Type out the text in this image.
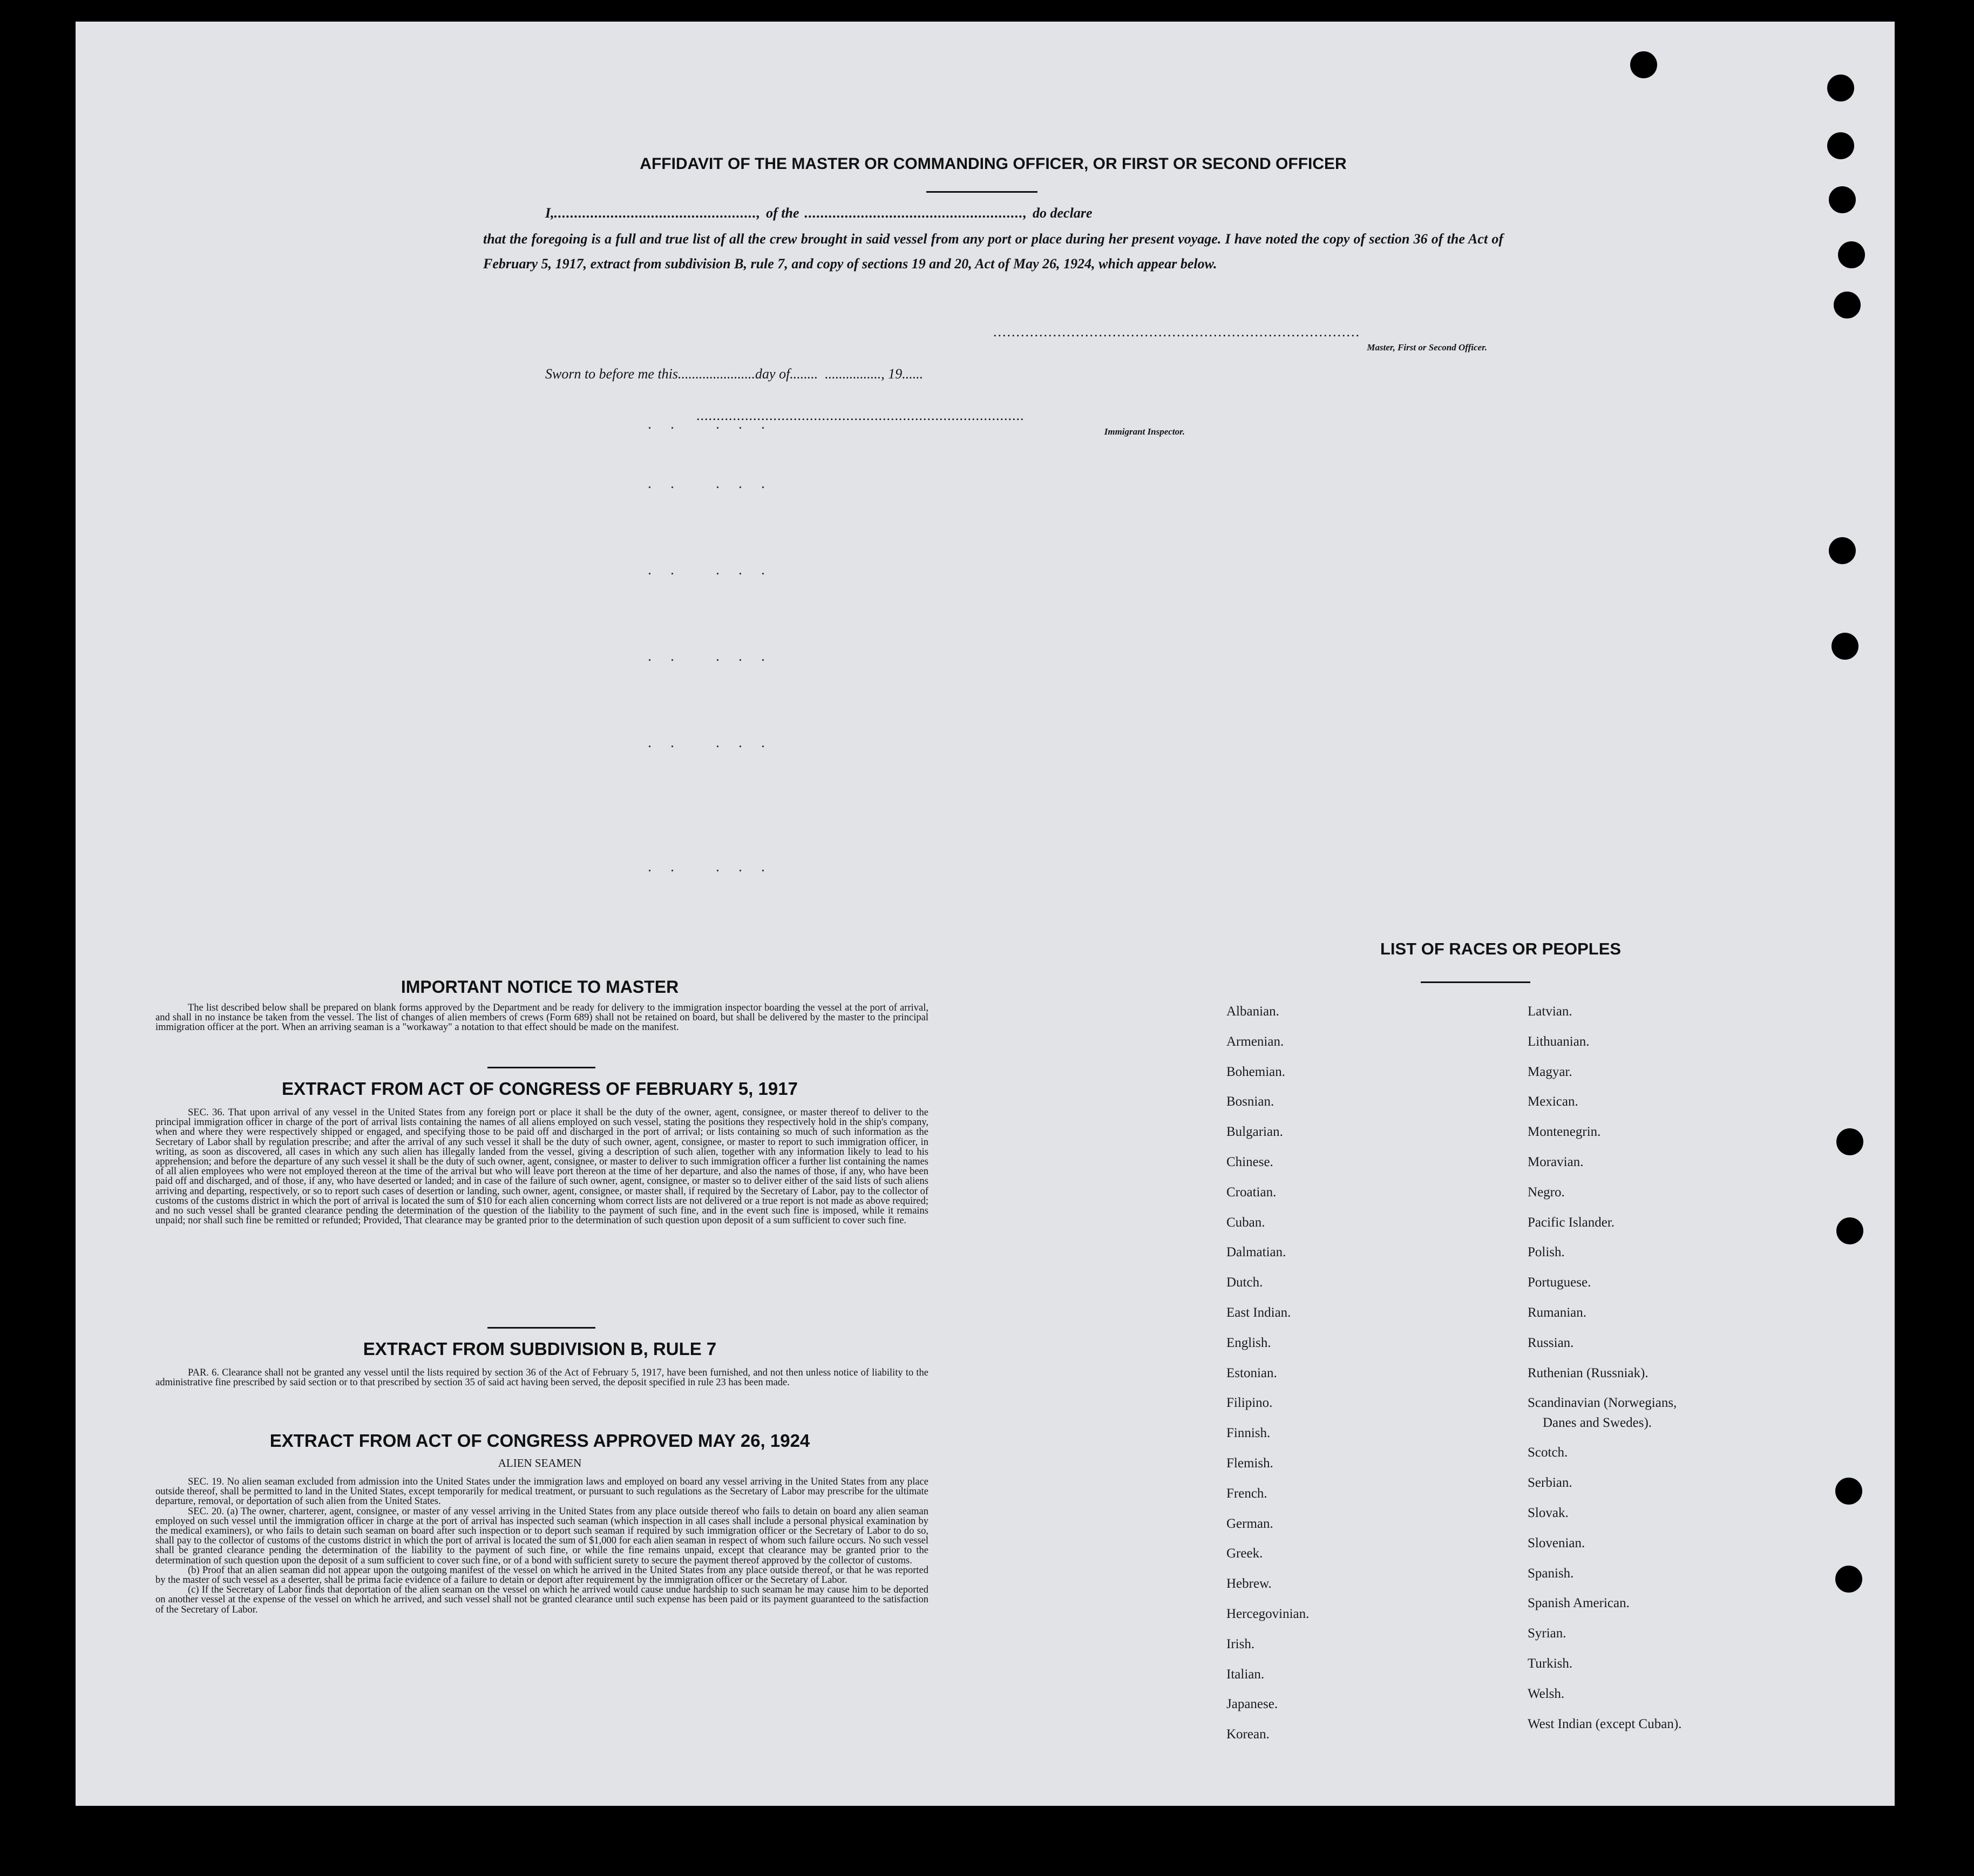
. .   . . .
. .   . . .
. .   . . .
. .   . . .
. .   . . .
. .   . . .
AFFIDAVIT OF THE MASTER OR COMMANDING OFFICER, OR FIRST OR SECOND OFFICER
I, .................................................., of the ......................................................, do declare
that the foregoing is a full and true list of all the crew brought in said vessel from any port or place during her present voyage. I have noted the copy of section 36 of the Act of February 5, 1917, extract from subdivision B, rule 7, and copy of sections 19 and 20, Act of May 26, 1924, which appear below.
................................................................................
Master, First or Second Officer.
Sworn to before me this......................day of........  ................, 19......
.................................................................................
Immigrant Inspector.
IMPORTANT NOTICE TO MASTER

The list described below shall be prepared on blank forms approved by the Department and be ready for delivery to the immigration inspector boarding the vessel at the port of arrival, and shall in no instance be taken from the vessel. The list of changes of alien members of crews (Form 689) shall not be retained on board, but shall be delivered by the master to the principal immigration officer at the port. When an arriving seaman is a "workaway" a notation to that effect should be made on the manifest.

EXTRACT FROM ACT OF CONGRESS OF FEBRUARY 5, 1917

SEC. 36. That upon arrival of any vessel in the United States from any foreign port or place it shall be the duty of the owner, agent, consignee, or master thereof to deliver to the principal immigration officer in charge of the port of arrival lists containing the names of all aliens employed on such vessel, stating the positions they respectively hold in the ship's company, when and where they were respectively shipped or engaged, and specifying those to be paid off and discharged in the port of arrival; or lists containing so much of such information as the Secretary of Labor shall by regulation prescribe; and after the arrival of any such vessel it shall be the duty of such owner, agent, consignee, or master to report to such immigration officer, in writing, as soon as discovered, all cases in which any such alien has illegally landed from the vessel, giving a description of such alien, together with any information likely to lead to his apprehension; and before the departure of any such vessel it shall be the duty of such owner, agent, consignee, or master to deliver to such immigration officer a further list containing the names of all alien employees who were not employed thereon at the time of the arrival but who will leave port thereon at the time of her departure, and also the names of those, if any, who have been paid off and discharged, and of those, if any, who have deserted or landed; and in case of the failure of such owner, agent, consignee, or master so to deliver either of the said lists of such aliens arriving and departing, respectively, or so to report such cases of desertion or landing, such owner, agent, consignee, or master shall, if required by the Secretary of Labor, pay to the collector of customs of the customs district in which the port of arrival is located the sum of $10 for each alien concerning whom correct lists are not delivered or a true report is not made as above required; and no such vessel shall be granted clearance pending the determination of the question of the liability to the payment of such fine, and in the event such fine is imposed, while it remains unpaid; nor shall such fine be remitted or refunded; Provided, That clearance may be granted prior to the determination of such question upon deposit of a sum sufficient to cover such fine.

EXTRACT FROM SUBDIVISION B, RULE 7

PAR. 6. Clearance shall not be granted any vessel until the lists required by section 36 of the Act of February 5, 1917, have been furnished, and not then unless notice of liability to the administrative fine prescribed by said section or to that prescribed by section 35 of said act having been served, the deposit specified in rule 23 has been made.

EXTRACT FROM ACT OF CONGRESS APPROVED MAY 26, 1924
ALIEN SEAMEN

SEC. 19. No alien seaman excluded from admission into the United States under the immigration laws and employed on board any vessel arriving in the United States from any place outside thereof, shall be permitted to land in the United States, except temporarily for medical treatment, or pursuant to such regulations as the Secretary of Labor may prescribe for the ultimate departure, removal, or deportation of such alien from the United States.

SEC. 20. (a) The owner, charterer, agent, consignee, or master of any vessel arriving in the United States from any place outside thereof who fails to detain on board any alien seaman employed on such vessel until the immigration officer in charge at the port of arrival has inspected such seaman (which inspection in all cases shall include a personal physical examination by the medical examiners), or who fails to detain such seaman on board after such inspection or to deport such seaman if required by such immigration officer or the Secretary of Labor to do so, shall pay to the collector of customs of the customs district in which the port of arrival is located the sum of $1,000 for each alien seaman in respect of whom such failure occurs. No such vessel shall be granted clearance pending the determination of the liability to the payment of such fine, or while the fine remains unpaid, except that clearance may be granted prior to the determination of such question upon the deposit of a sum sufficient to cover such fine, or of a bond with sufficient surety to secure the payment thereof approved by the collector of customs.

(b) Proof that an alien seaman did not appear upon the outgoing manifest of the vessel on which he arrived in the United States from any place outside thereof, or that he was reported by the master of such vessel as a deserter, shall be prima facie evidence of a failure to detain or deport after requirement by the immigration officer or the Secretary of Labor.

(c) If the Secretary of Labor finds that deportation of the alien seaman on the vessel on which he arrived would cause undue hardship to such seaman he may cause him to be deported on another vessel at the expense of the vessel on which he arrived, and such vessel shall not be granted clearance until such expense has been paid or its payment guaranteed to the satisfaction of the Secretary of Labor.

LIST OF RACES OR PEOPLES
Albanian.
Armenian.
Bohemian.
Bosnian.
Bulgarian.
Chinese.
Croatian.
Cuban.
Dalmatian.
Dutch.
East Indian.
English.
Estonian.
Filipino.
Finnish.
Flemish.
French.
German.
Greek.
Hebrew.
Hercegovinian.
Irish.
Italian.
Japanese.
Korean.
Latvian.
Lithuanian.
Magyar.
Mexican.
Montenegrin.
Moravian.
Negro.
Pacific Islander.
Polish.
Portuguese.
Rumanian.
Russian.
Ruthenian (Russniak).
Scandinavian (Norwegians,
Danes and Swedes).
Scotch.
Serbian.
Slovak.
Slovenian.
Spanish.
Spanish American.
Syrian.
Turkish.
Welsh.
West Indian (except Cuban).
